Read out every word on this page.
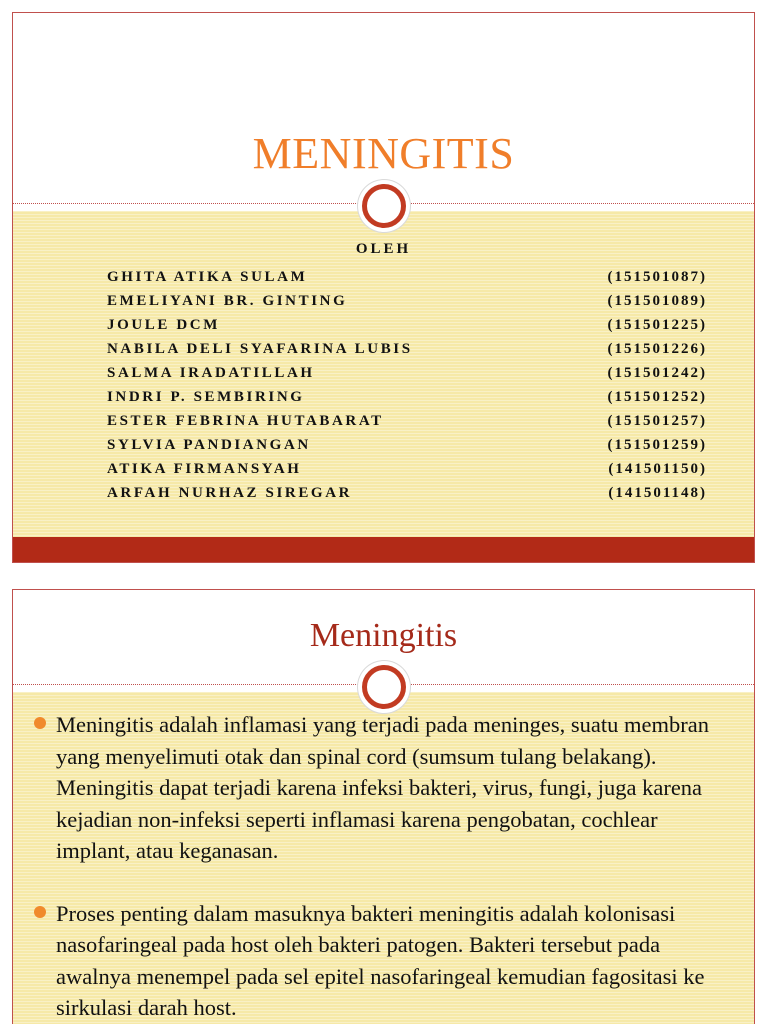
MENINGITIS
OLEH
GHITA ATIKA SULAM	(151501087)
EMELIYANI BR. GINTING	(151501089)
JOULE DCM	(151501225)
NABILA DELI SYAFARINA LUBIS	(151501226)
SALMA IRADATILLAH	(151501242)
INDRI P. SEMBIRING	(151501252)
ESTER FEBRINA HUTABARAT	(151501257)
SYLVIA PANDIANGAN	(151501259)
ATIKA FIRMANSYAH	(141501150)
ARFAH NURHAZ SIREGAR	(141501148)
Meningitis
Meningitis adalah inflamasi yang terjadi pada meninges, suatu membran yang menyelimuti otak dan spinal cord (sumsum tulang belakang). Meningitis dapat terjadi karena infeksi bakteri, virus, fungi, juga karena kejadian non-infeksi seperti inflamasi karena pengobatan, cochlear implant, atau keganasan.
Proses penting dalam masuknya bakteri meningitis adalah kolonisasi nasofaringeal pada host oleh bakteri patogen. Bakteri tersebut pada awalnya menempel pada sel epitel nasofaringeal kemudian fagositasi ke sirkulasi darah host.
